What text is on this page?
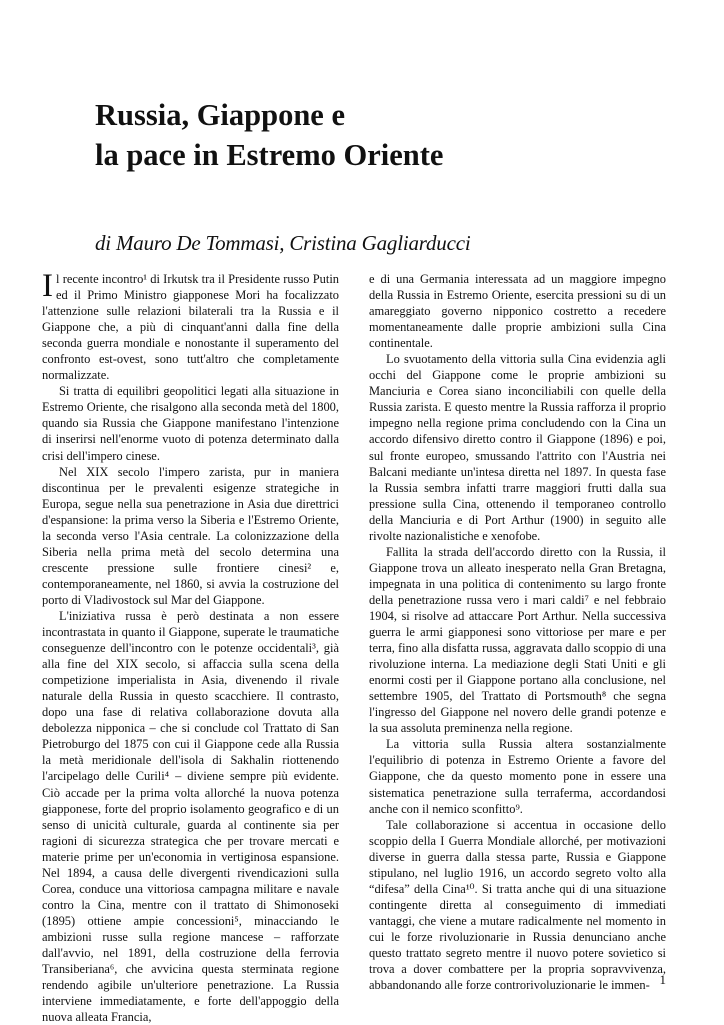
Russia, Giappone e
la pace in Estremo Oriente

di Mauro De Tommasi, Cristina Gagliarducci

Il recente incontro¹ di Irkutsk tra il Presidente russo Putin ed il Primo Ministro giapponese Mori ha focalizzato l'attenzione sulle relazioni bilaterali tra la Russia e il Giappone che, a più di cinquant'anni dalla fine della seconda guerra mondiale e nonostante il superamento del confronto est-ovest, sono tutt'altro che completamente normalizzate.

Si tratta di equilibri geopolitici legati alla situazione in Estremo Oriente, che risalgono alla seconda metà del 1800, quando sia Russia che Giappone manifestano l'intenzione di inserirsi nell'enorme vuoto di potenza determinato dalla crisi dell'impero cinese.

Nel XIX secolo l'impero zarista, pur in maniera discontinua per le prevalenti esigenze strategiche in Europa, segue nella sua penetrazione in Asia due direttrici d'espansione: la prima verso la Siberia e l'Estremo Oriente, la seconda verso l'Asia centrale. La colonizzazione della Siberia nella prima metà del secolo determina una crescente pressione sulle frontiere cinesi² e, contemporaneamente, nel 1860, si avvia la costruzione del porto di Vladivostock sul Mar del Giappone.

L'iniziativa russa è però destinata a non essere incontrastata in quanto il Giappone, superate le traumatiche conseguenze dell'incontro con le potenze occidentali³, già alla fine del XIX secolo, si affaccia sulla scena della competizione imperialista in Asia, divenendo il rivale naturale della Russia in questo scacchiere. Il contrasto, dopo una fase di relativa collaborazione dovuta alla debolezza nipponica – che si conclude col Trattato di San Pietroburgo del 1875 con cui il Giappone cede alla Russia la metà meridionale dell'isola di Sakhalin riottenendo l'arcipelago delle Curili⁴ – diviene sempre più evidente. Ciò accade per la prima volta allorché la nuova potenza giapponese, forte del proprio isolamento geografico e di un senso di unicità culturale, guarda al continente sia per ragioni di sicurezza strategica che per trovare mercati e materie prime per un'economia in vertiginosa espansione. Nel 1894, a causa delle divergenti rivendicazioni sulla Corea, conduce una vittoriosa campagna militare e navale contro la Cina, mentre con il trattato di Shimonoseki (1895) ottiene ampie concessioni⁵, minacciando le ambizioni russe sulla regione mancese – rafforzate dall'avvio, nel 1891, della costruzione della ferrovia Transiberiana⁶, che avvicina questa sterminata regione rendendo agibile un'ulteriore penetrazione. La Russia interviene immediatamente, e forte dell'appoggio della nuova alleata Francia,

e di una Germania interessata ad un maggiore impegno della Russia in Estremo Oriente, esercita pressioni su di un amareggiato governo nipponico costretto a recedere momentaneamente dalle proprie ambizioni sulla Cina continentale.

Lo svuotamento della vittoria sulla Cina evidenzia agli occhi del Giappone come le proprie ambizioni su Manciuria e Corea siano inconciliabili con quelle della Russia zarista. E questo mentre la Russia rafforza il proprio impegno nella regione prima concludendo con la Cina un accordo difensivo diretto contro il Giappone (1896) e poi, sul fronte europeo, smussando l'attrito con l'Austria nei Balcani mediante un'intesa diretta nel 1897. In questa fase la Russia sembra infatti trarre maggiori frutti dalla sua pressione sulla Cina, ottenendo il temporaneo controllo della Manciuria e di Port Arthur (1900) in seguito alle rivolte nazionalistiche e xenofobe.

Fallita la strada dell'accordo diretto con la Russia, il Giappone trova un alleato inesperato nella Gran Bretagna, impegnata in una politica di contenimento su largo fronte della penetrazione russa vero i mari caldi⁷ e nel febbraio 1904, si risolve ad attaccare Port Arthur. Nella successiva guerra le armi giapponesi sono vittoriose per mare e per terra, fino alla disfatta russa, aggravata dallo scoppio di una rivoluzione interna. La mediazione degli Stati Uniti e gli enormi costi per il Giappone portano alla conclusione, nel settembre 1905, del Trattato di Portsmouth⁸ che segna l'ingresso del Giappone nel novero delle grandi potenze e la sua assoluta preminenza nella regione.

La vittoria sulla Russia altera sostanzialmente l'equilibrio di potenza in Estremo Oriente a favore del Giappone, che da questo momento pone in essere una sistematica penetrazione sulla terraferma, accordandosi anche con il nemico sconfitto⁹.

Tale collaborazione si accentua in occasione dello scoppio della I Guerra Mondiale allorché, per motivazioni diverse in guerra dalla stessa parte, Russia e Giappone stipulano, nel luglio 1916, un accordo segreto volto alla “difesa” della Cina¹⁰. Si tratta anche qui di una situazione contingente diretta al conseguimento di immediati vantaggi, che viene a mutare radicalmente nel momento in cui le forze rivoluzionarie in Russia denunciano anche questo trattato segreto mentre il nuovo potere sovietico si trova a dover combattere per la propria sopravvivenza, abbandonando alle forze controrivoluzionarie le immen- 1
